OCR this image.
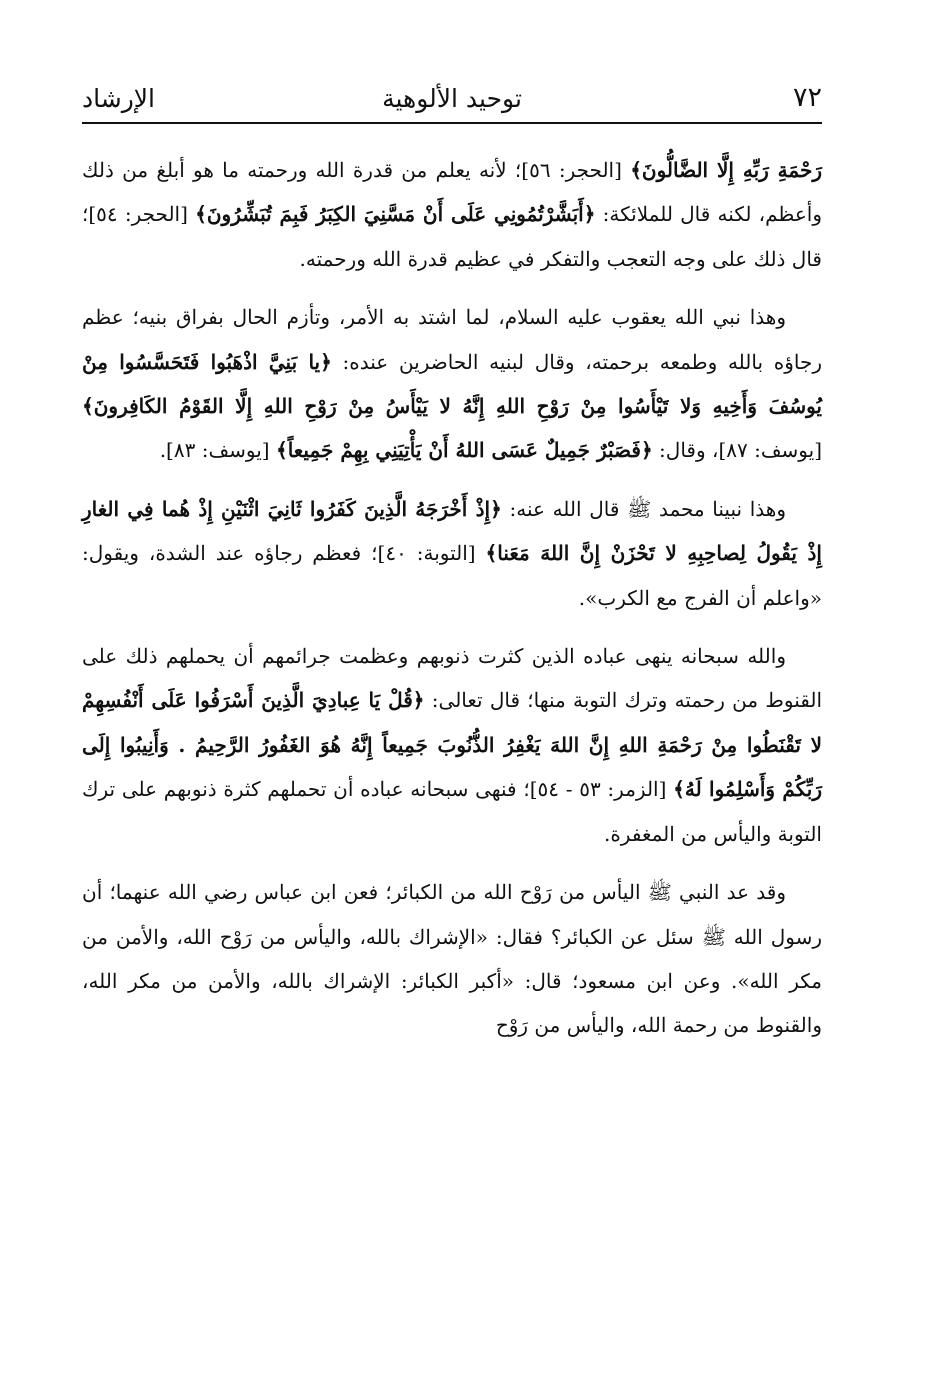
٧٢
توحيد الألوهية
الإرشاد

رَحْمَةِ رَبِّهِ إِلَّا الضَّالُّونَ﴾ [الحجر: ٥٦]؛ لأنه يعلم من قدرة الله ورحمته ما هو أبلغ من ذلك وأعظم، لكنه قال للملائكة: ﴿أَبَشَّرْتُمُونِي عَلَى أَنْ مَسَّنِيَ الكِبَرُ فَبِمَ تُبَشِّرُونَ﴾ [الحجر: ٥٤]؛ قال ذلك على وجه التعجب والتفكر في عظيم قدرة الله ورحمته.

وهذا نبي الله يعقوب عليه السلام، لما اشتد به الأمر، وتأزم الحال بفراق بنيه؛ عظم رجاؤه بالله وطمعه برحمته، وقال لبنيه الحاضرين عنده: ﴿يا بَنِيَّ اذْهَبُوا فَتَحَسَّسُوا مِنْ يُوسُفَ وَأَخِيهِ وَلا تَيْأَسُوا مِنْ رَوْحِ اللهِ إِنَّهُ لا يَيْأَسُ مِنْ رَوْحِ اللهِ إِلَّا القَوْمُ الكَافِرونَ﴾ [يوسف: ٨٧]، وقال: ﴿فَصَبْرٌ جَمِيلٌ عَسَى اللهُ أَنْ يَأْتِيَنِي بِهِمْ جَمِيعاً﴾ [يوسف: ٨٣].

وهذا نبينا محمد ﷺ قال الله عنه: ﴿إِذْ أَخْرَجَهُ الَّذِينَ كَفَرُوا ثَانِيَ اثْنَيْنِ إِذْ هُما فِي الغارِ إِذْ يَقُولُ لِصاحِبِهِ لا تَحْزَنْ إِنَّ اللهَ مَعَنا﴾ [التوبة: ٤٠]؛ فعظم رجاؤه عند الشدة، ويقول: «واعلم أن الفرج مع الكرب».

والله سبحانه ينهى عباده الذين كثرت ذنوبهم وعظمت جرائمهم أن يحملهم ذلك على القنوط من رحمته وترك التوبة منها؛ قال تعالى: ﴿قُلْ يَا عِبادِيَ الَّذِينَ أَسْرَفُوا عَلَى أَنْفُسِهِمْ لا تَقْنَطُوا مِنْ رَحْمَةِ اللهِ إِنَّ اللهَ يَغْفِرُ الذُّنُوبَ جَمِيعاً إِنَّهُ هُوَ الغَفُورُ الرَّحِيمُ . وَأَنِيبُوا إِلَى رَبِّكُمْ وَأَسْلِمُوا لَهُ﴾ [الزمر: ٥٣ - ٥٤]؛ فنهى سبحانه عباده أن تحملهم كثرة ذنوبهم على ترك التوبة واليأس من المغفرة.

وقد عد النبي ﷺ اليأس من رَوْح الله من الكبائر؛ فعن ابن عباس رضي الله عنهما؛ أن رسول الله ﷺ سئل عن الكبائر؟ فقال: «الإشراك بالله، واليأس من رَوْح الله، والأمن من مكر الله». وعن ابن مسعود؛ قال: «أكبر الكبائر: الإشراك بالله، والأمن من مكر الله، والقنوط من رحمة الله، واليأس من رَوْح
